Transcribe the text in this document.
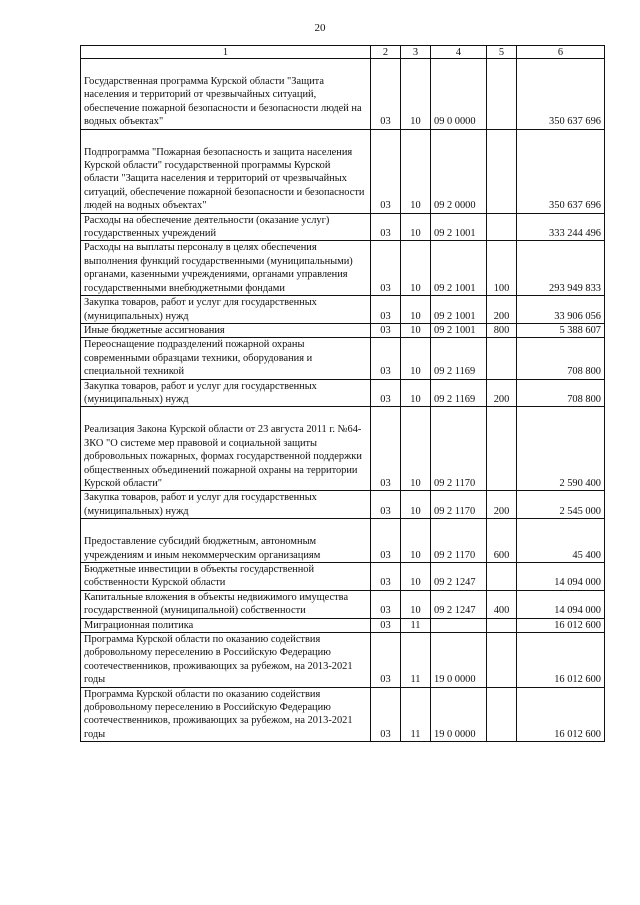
20
1	2	3	4	5	6
Государственная программа Курской области "Защита населения и территорий от чрезвычайных ситуаций, обеспечение пожарной безопасности и безопасности людей на водных объектах"	03	10	09 0 0000		350 637 696
Подпрограмма "Пожарная безопасность и защита населения Курской области" государственной программы Курской области "Защита населения и территорий от чрезвычайных ситуаций, обеспечение пожарной безопасности и безопасности людей на водных объектах"	03	10	09 2 0000		350 637 696
Расходы на обеспечение деятельности (оказание услуг) государственных учреждений	03	10	09 2 1001		333 244 496
Расходы на выплаты персоналу в целях обеспечения выполнения функций государственными (муниципальными) органами, казенными учреждениями, органами управления государственными внебюджетными фондами	03	10	09 2 1001	100	293 949 833
Закупка товаров, работ и услуг для государственных (муниципальных) нужд	03	10	09 2 1001	200	33 906 056
Иные бюджетные ассигнования	03	10	09 2 1001	800	5 388 607
Переоснащение подразделений пожарной охраны современными образцами техники, оборудования и специальной техникой	03	10	09 2 1169		708 800
Закупка товаров, работ и услуг для государственных (муниципальных) нужд	03	10	09 2 1169	200	708 800
Реализация Закона Курской области от 23 августа 2011 г. №64-ЗКО "О системе мер правовой и социальной защиты добровольных пожарных, формах государственной поддержки общественных объединений пожарной охраны на территории Курской области"	03	10	09 2 1170		2 590 400
Закупка товаров, работ и услуг для государственных (муниципальных) нужд	03	10	09 2 1170	200	2 545 000
Предоставление субсидий бюджетным, автономным учреждениям и иным некоммерческим организациям	03	10	09 2 1170	600	45 400
Бюджетные инвестиции в объекты государственной собственности Курской области	03	10	09 2 1247		14 094 000
Капитальные вложения в объекты недвижимого имущества государственной (муниципальной) собственности	03	10	09 2 1247	400	14 094 000
Миграционная политика	03	11			16 012 600
Программа Курской области по оказанию содействия добровольному переселению в Российскую Федерацию соотечественников, проживающих за рубежом, на 2013-2021 годы	03	11	19 0 0000		16 012 600
Программа Курской области по оказанию содействия добровольному переселению в Российскую Федерацию соотечественников, проживающих за рубежом, на 2013-2021 годы	03	11	19 0 0000		16 012 600
